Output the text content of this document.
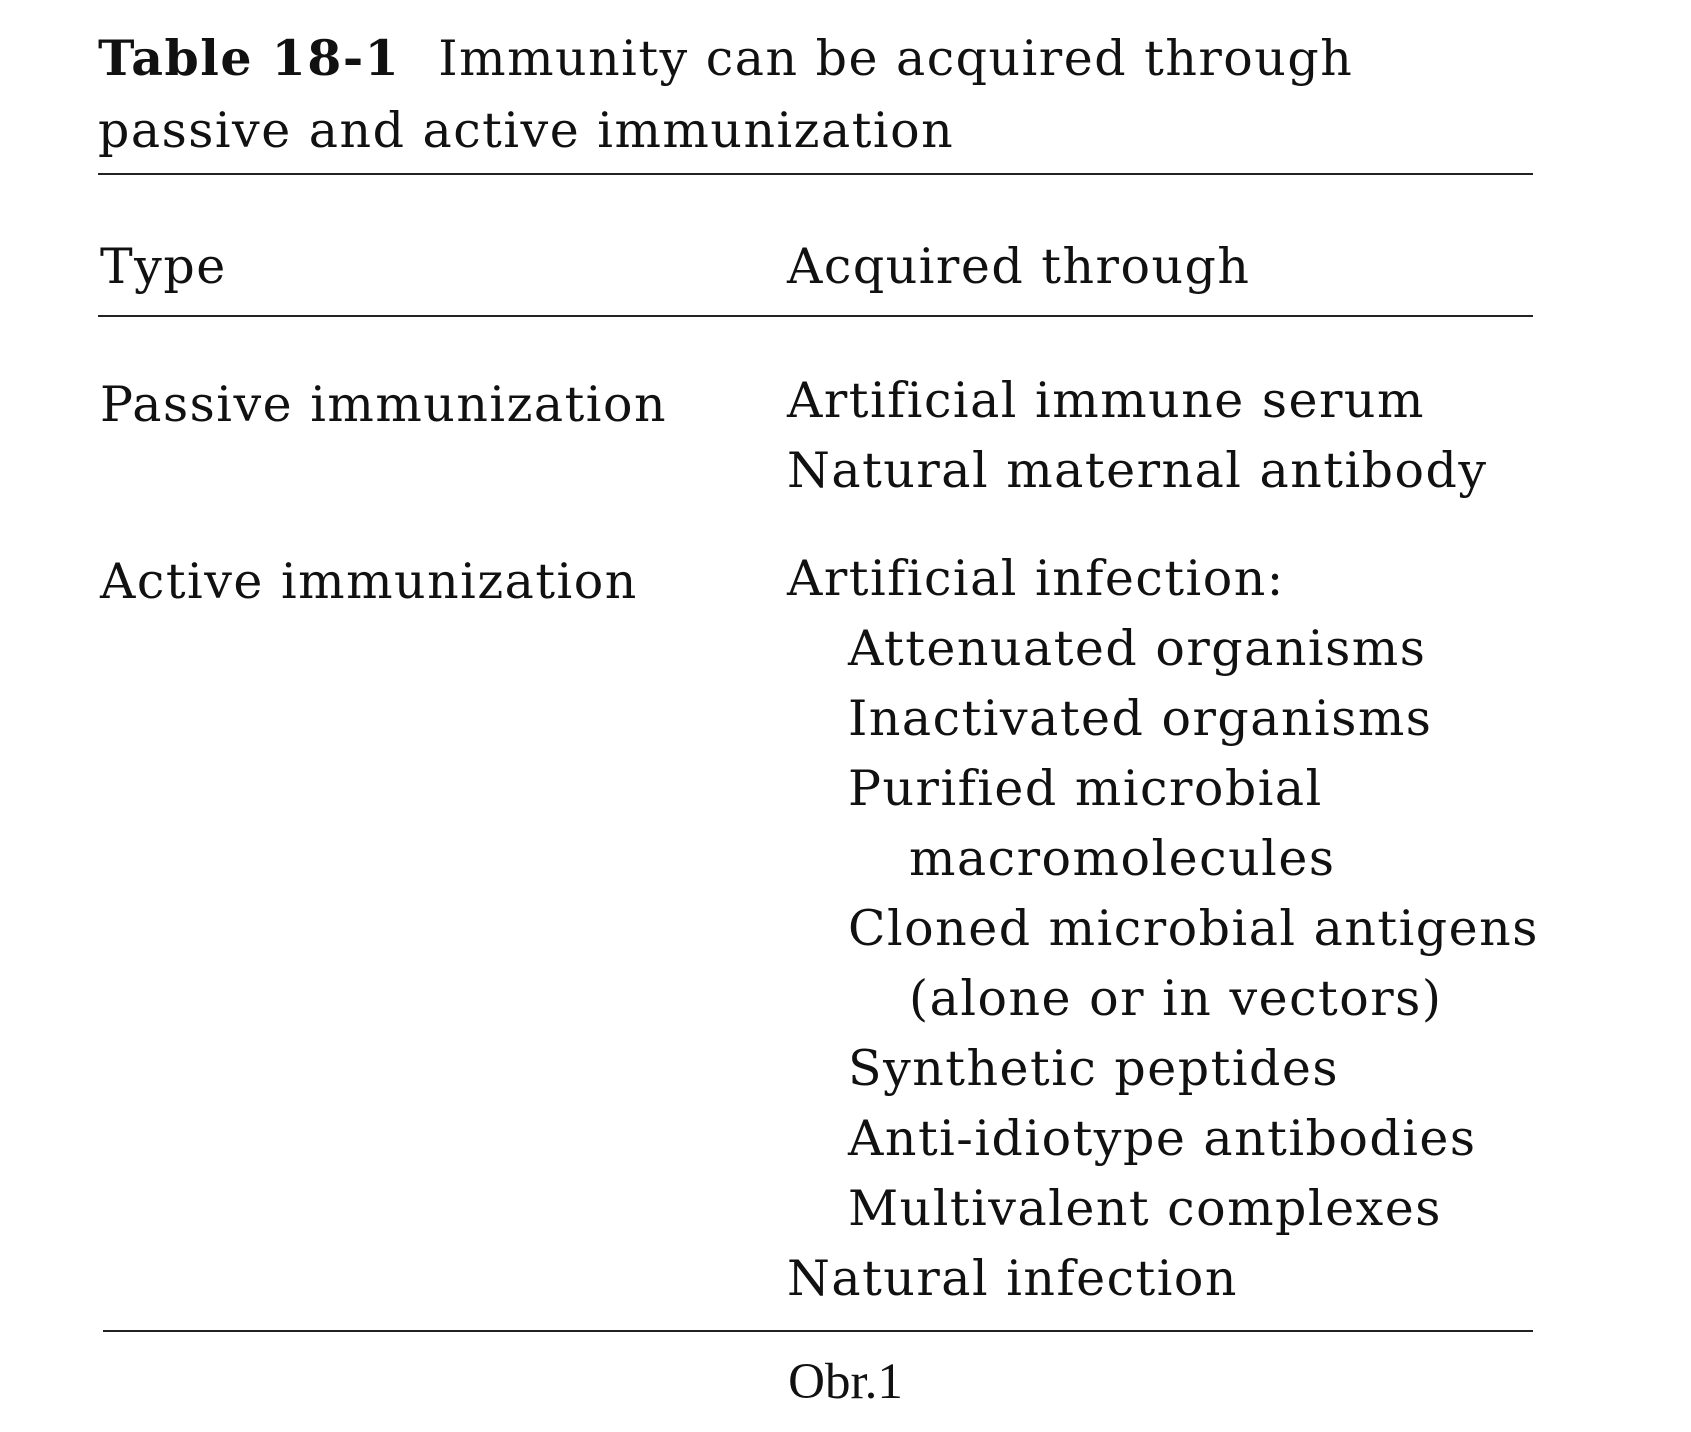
Table 18-1 Immunity can be acquired through passive and active immunization
Type	Acquired through
Passive immunization Artificial immune serum
Natural maternal antibody
Active immunization	Artificial infection:
Attenuated organisms
Inactivated organisms
Purified microbial
macromolecules
Cloned microbial antigens
(alone or in vectors)
Synthetic peptides
Anti-idiotype antibodies
Multivalent complexes
Natural infection
Obr.1
